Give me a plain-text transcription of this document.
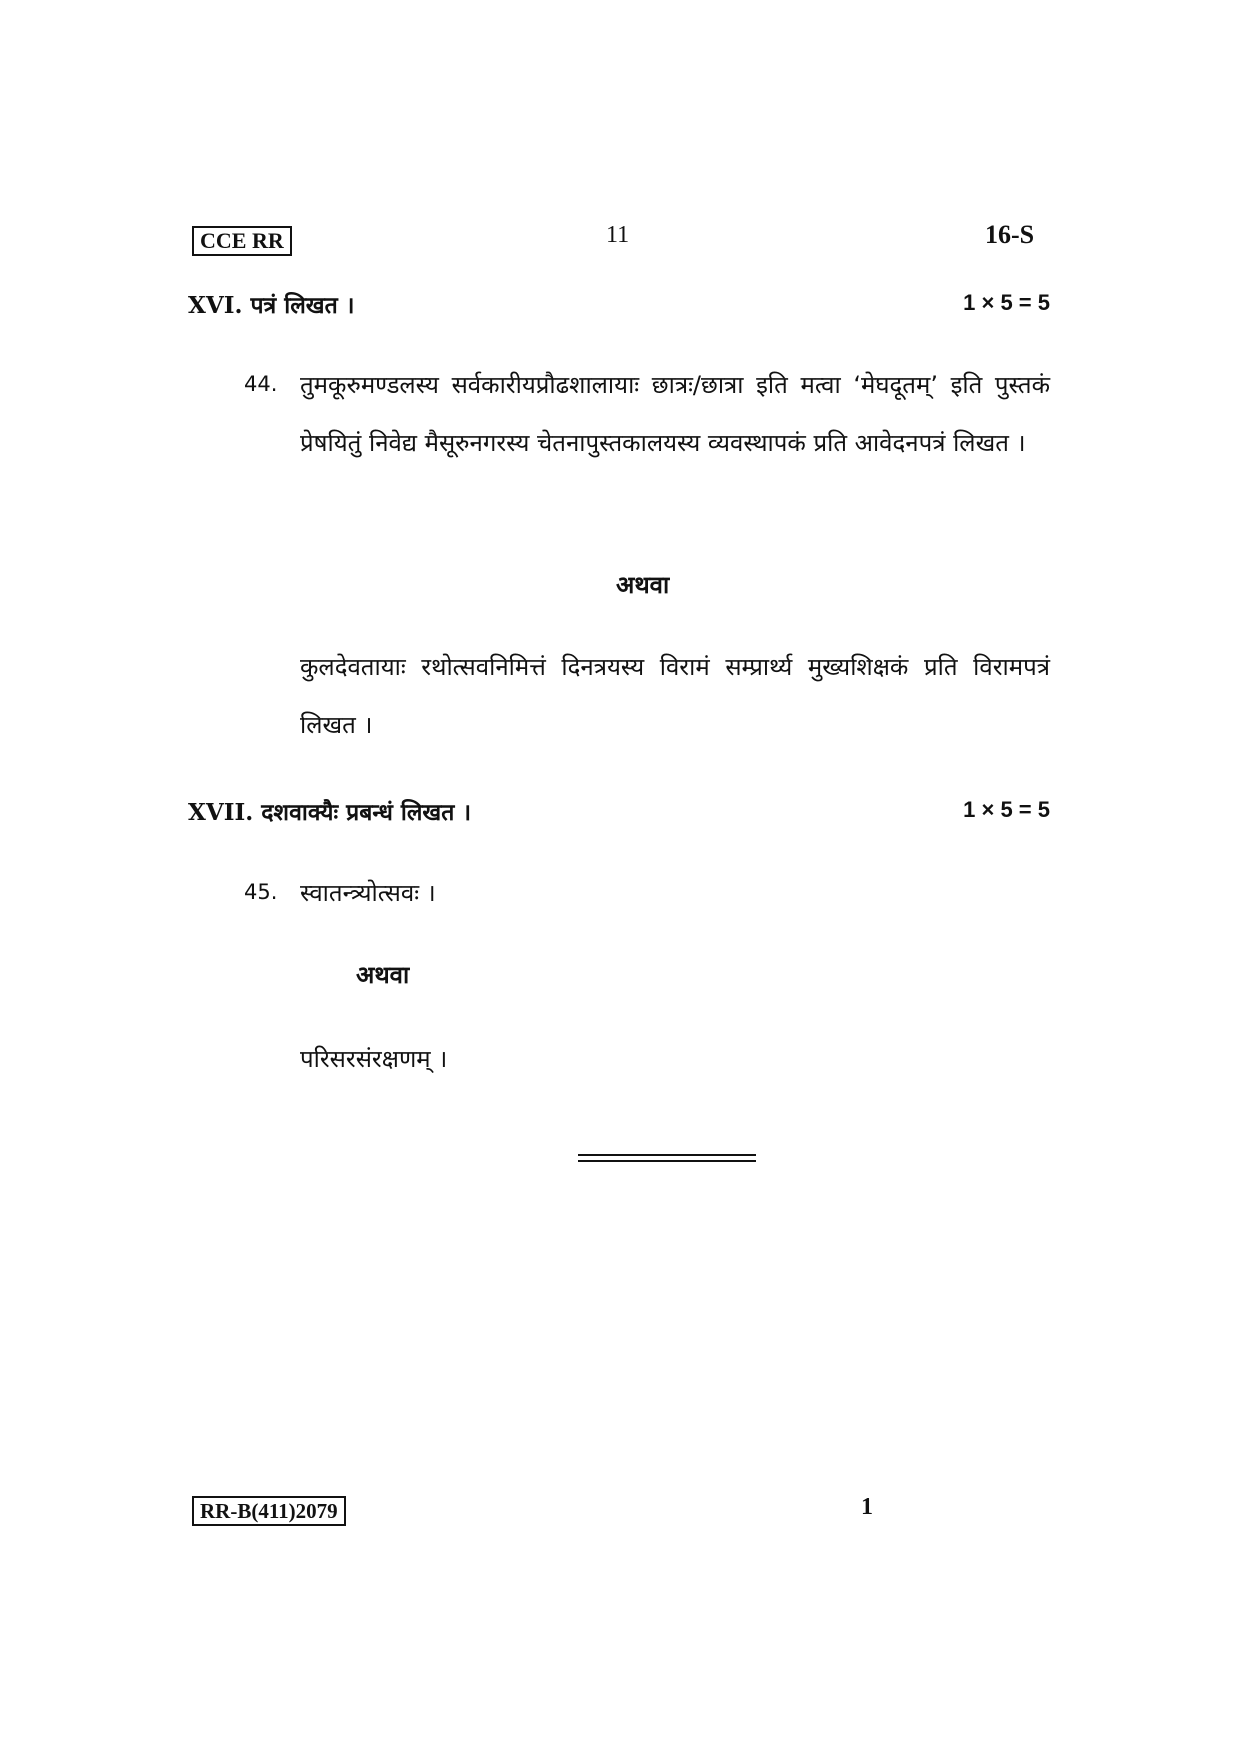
CCE RR	11	16-S
XVI. पत्रं लिखत ।	1 × 5 = 5
44. तुमकूरुमण्डलस्य सर्वकारीयप्रौढशालायाः छात्रः/छात्रा इति मत्वा ‘मेघदूतम्’ इति पुस्तकं प्रेषयितुं निवेद्य मैसूरुनगरस्य चेतनापुस्तकालयस्य व्यवस्थापकं प्रति आवेदनपत्रं लिखत ।
अथवा
कुलदेवतायाः रथोत्सवनिमित्तं दिनत्रयस्य विरामं सम्प्रार्थ्य मुख्यशिक्षकं प्रति विरामपत्रं लिखत ।
XVII. दशवाक्यैः प्रबन्धं लिखत ।	1 × 5 = 5
45. स्वातन्त्र्योत्सवः ।
अथवा
परिसरसंरक्षणम् ।
RR-B(411)2079	1
